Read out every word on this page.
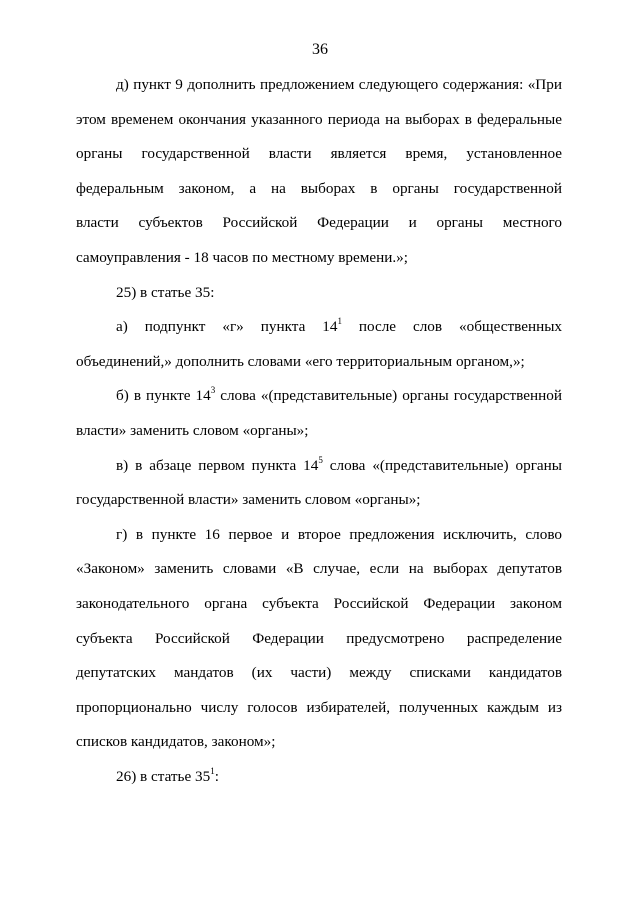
36

д) пункт 9 дополнить предложением следующего содержания: «При

этом временем окончания указанного периода на выборах в федеральные

органы государственной власти является время, установленное

федеральным законом, а на выборах в органы государственной

власти субъектов Российской Федерации и органы местного

самоуправления - 18 часов по местному времени.»;

25) в статье 35:

а) подпункт «г» пункта $14^1$ после слов «общественных

объединений,» дополнить словами «его территориальным органом,»;

б) в пункте $14^3$ слова «(представительные) органы государственной

власти» заменить словом «органы»;

в) в абзаце первом пункта $14^5$ слова «(представительные) органы

государственной власти» заменить словом «органы»;

г) в пункте 16 первое и второе предложения исключить, слово

«Законом» заменить словами «В случае, если на выборах депутатов

законодательного органа субъекта Российской Федерации законом

субъекта Российской Федерации предусмотрено распределение

депутатских мандатов (их части) между списками кандидатов

пропорционально числу голосов избирателей, полученных каждым из

списков кандидатов, законом»;

26) в статье $35^1$:
